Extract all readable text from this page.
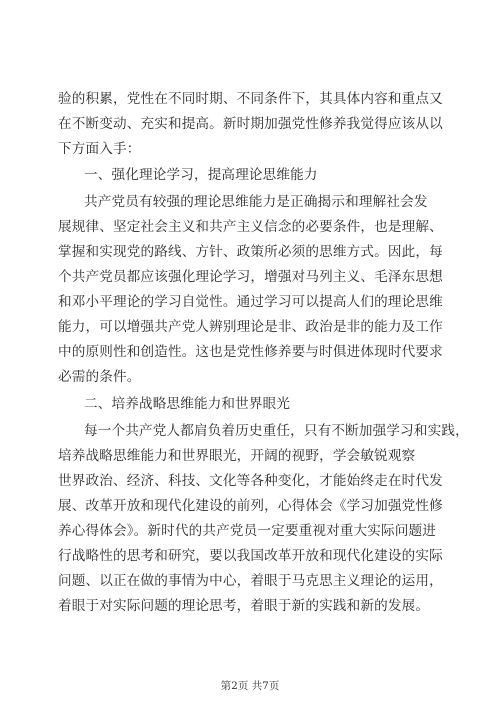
验的积累，党性在不同时期、不同条件下，其具体内容和重点又
在不断变动、充实和提高。新时期加强党性修养我觉得应该从以
下方面入手：
一、强化理论学习，提高理论思维能力
共产党员有较强的理论思维能力是正确揭示和理解社会发
展规律、坚定社会主义和共产主义信念的必要条件，也是理解、
掌握和实现党的路线、方针、政策所必须的思维方式。因此，每
个共产党员都应该强化理论学习，增强对马列主义、毛泽东思想
和邓小平理论的学习自觉性。通过学习可以提高人们的理论思维
能力，可以增强共产党人辨别理论是非、政治是非的能力及工作
中的原则性和创造性。这也是党性修养要与时俱进体现时代要求
必需的条件。
二、培养战略思维能力和世界眼光
每一个共产党人都肩负着历史重任，只有不断加强学习和实践，
培养战略思维能力和世界眼光，开阔的视野，学会敏锐观察
世界政治、经济、科技、文化等各种变化，才能始终走在时代发
展、改革开放和现代化建设的前列，心得体会《学习加强党性修
养心得体会》。新时代的共产党员一定要重视对重大实际问题进
行战略性的思考和研究，要以我国改革开放和现代化建设的实际
问题、以正在做的事情为中心，着眼于马克思主义理论的运用，
着眼于对实际问题的理论思考，着眼于新的实践和新的发展。
第2页 共7页
